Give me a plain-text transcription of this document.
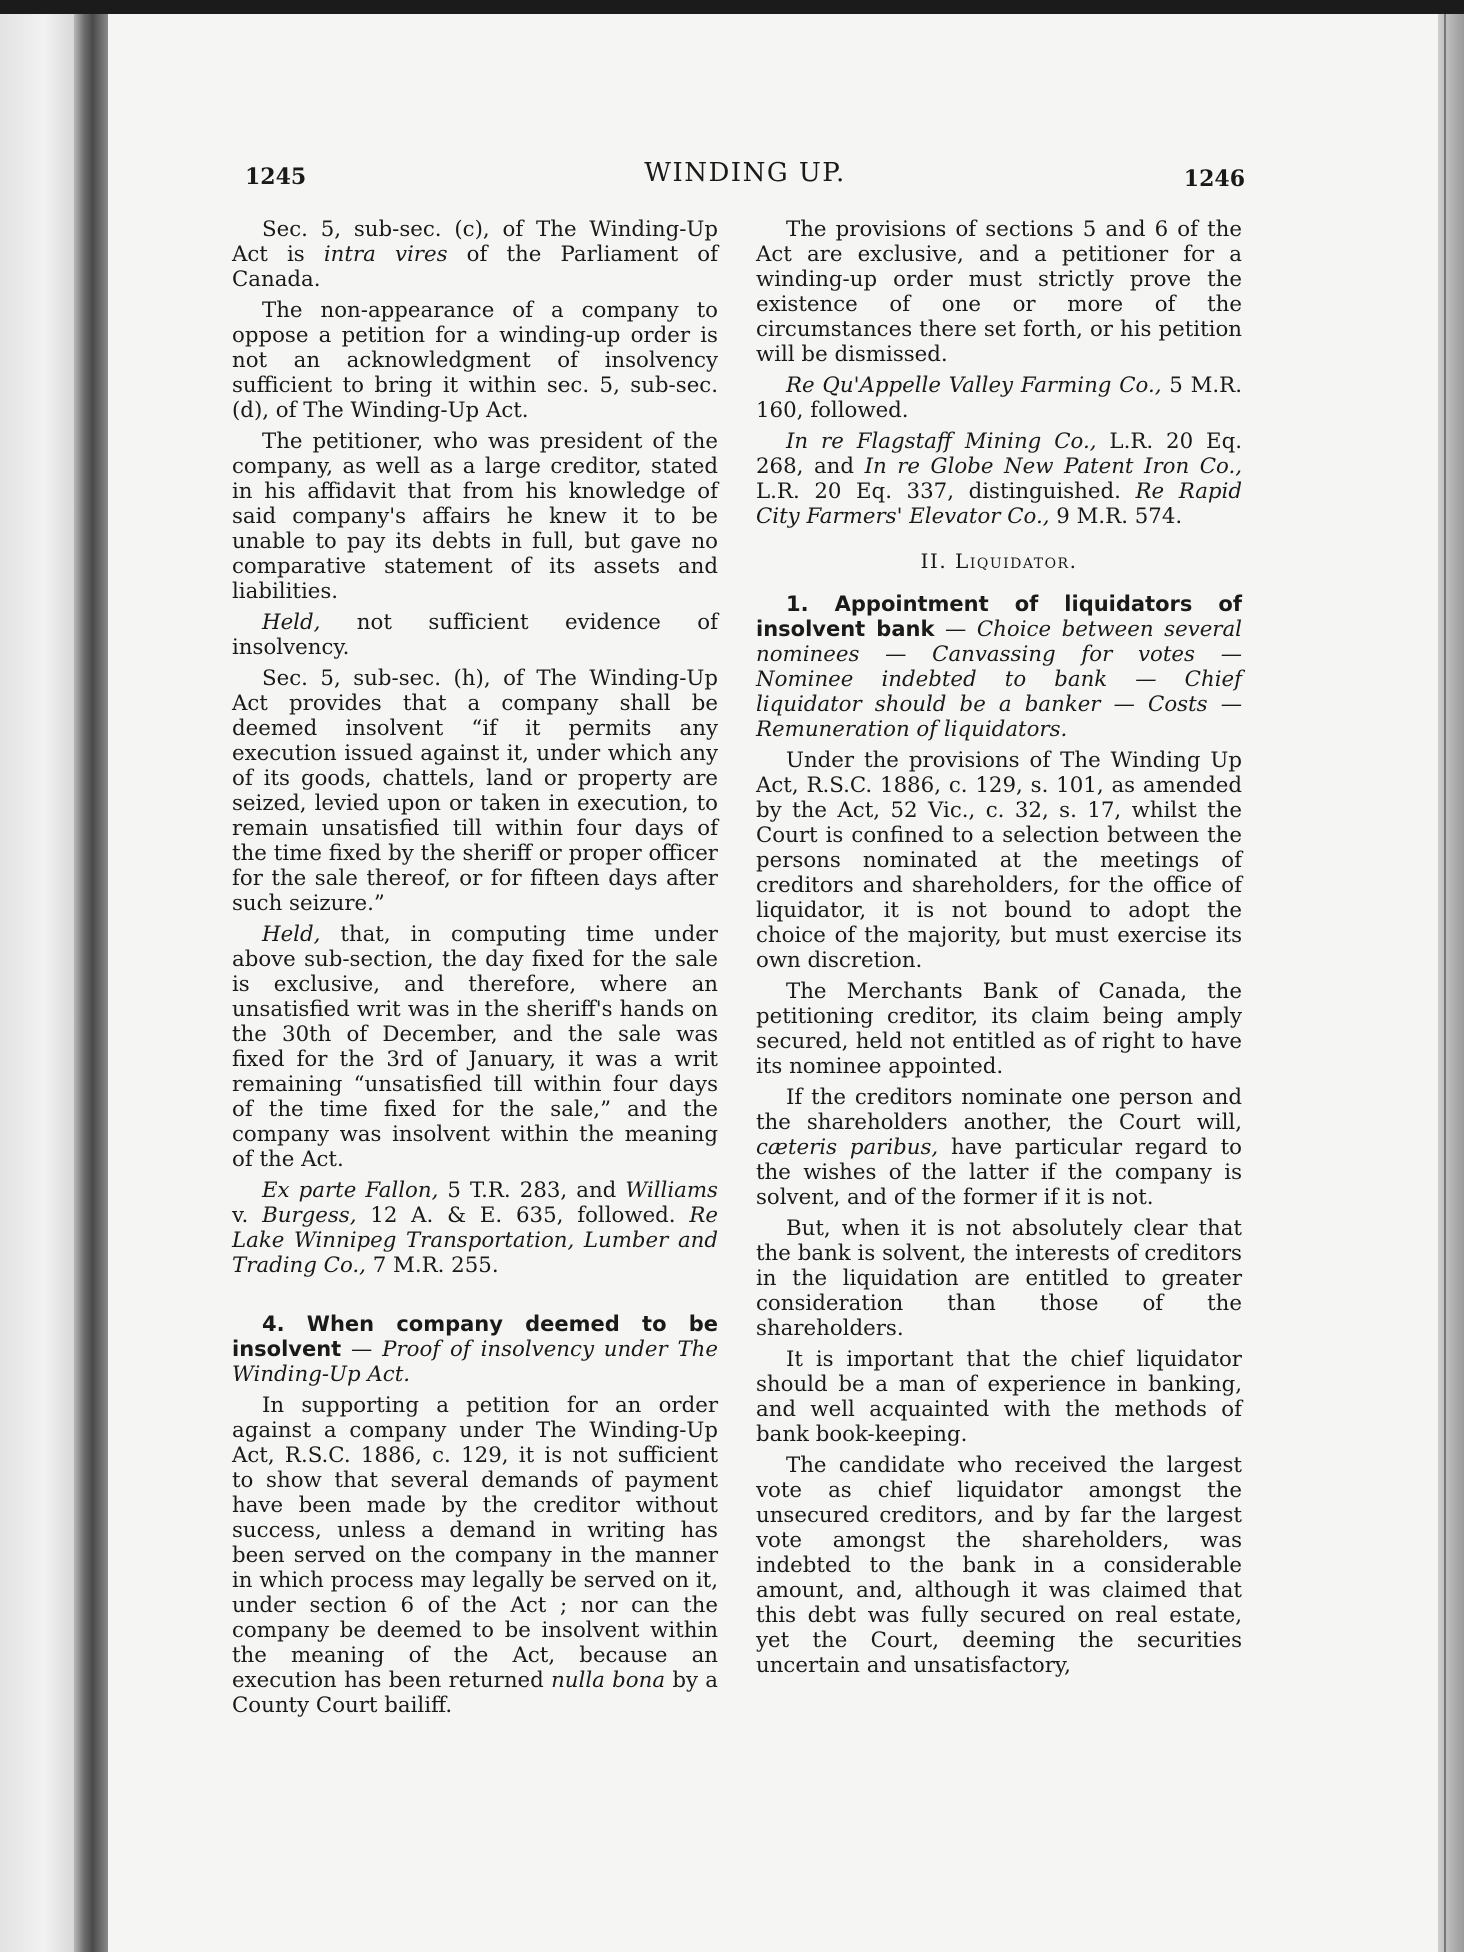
1245	WINDING UP.	1246

Sec. 5, sub-sec. (c), of The Winding-Up Act is intra vires of the Parliament of Canada.

The non-appearance of a company to oppose a petition for a winding-up order is not an acknowledgment of insolvency sufficient to bring it within sec. 5, sub-sec. (d), of The Winding-Up Act.

The petitioner, who was president of the company, as well as a large creditor, stated in his affidavit that from his knowledge of said company's affairs he knew it to be unable to pay its debts in full, but gave no comparative statement of its assets and liabilities.

Held, not sufficient evidence of insolvency.

Sec. 5, sub-sec. (h), of The Winding-Up Act provides that a company shall be deemed insolvent “if it permits any execution issued against it, under which any of its goods, chattels, land or property are seized, levied upon or taken in execution, to remain unsatisfied till within four days of the time fixed by the sheriff or proper officer for the sale thereof, or for fifteen days after such seizure.”

Held, that, in computing time under above sub-section, the day fixed for the sale is exclusive, and therefore, where an unsatisfied writ was in the sheriff's hands on the 30th of December, and the sale was fixed for the 3rd of January, it was a writ remaining “unsatisfied till within four days of the time fixed for the sale,” and the company was insolvent within the meaning of the Act.

Ex parte Fallon, 5 T.R. 283, and Williams v. Burgess, 12 A. & E. 635, followed. Re Lake Winnipeg Transportation, Lumber and Trading Co., 7 M.R. 255.

4. When company deemed to be insolvent — Proof of insolvency under The Winding-Up Act.

In supporting a petition for an order against a company under The Winding-Up Act, R.S.C. 1886, c. 129, it is not sufficient to show that several demands of payment have been made by the creditor without success, unless a demand in writing has been served on the company in the manner in which process may legally be served on it, under section 6 of the Act ; nor can the company be deemed to be insolvent within the meaning of the Act, because an execution has been returned nulla bona by a County Court bailiff.

The provisions of sections 5 and 6 of the Act are exclusive, and a petitioner for a winding-up order must strictly prove the existence of one or more of the circumstances there set forth, or his petition will be dismissed.

Re Qu'Appelle Valley Farming Co., 5 M.R. 160, followed.

In re Flagstaff Mining Co., L.R. 20 Eq. 268, and In re Globe New Patent Iron Co., L.R. 20 Eq. 337, distinguished. Re Rapid City Farmers' Elevator Co., 9 M.R. 574.

II. Liquidator.
1. Appointment of liquidators of insolvent bank — Choice between several nominees — Canvassing for votes — Nominee indebted to bank — Chief liquidator should be a banker — Costs — Remuneration of liquidators.

Under the provisions of The Winding Up Act, R.S.C. 1886, c. 129, s. 101, as amended by the Act, 52 Vic., c. 32, s. 17, whilst the Court is confined to a selection between the persons nominated at the meetings of creditors and shareholders, for the office of liquidator, it is not bound to adopt the choice of the majority, but must exercise its own discretion.

The Merchants Bank of Canada, the petitioning creditor, its claim being amply secured, held not entitled as of right to have its nominee appointed.

If the creditors nominate one person and the shareholders another, the Court will, cæteris paribus, have particular regard to the wishes of the latter if the company is solvent, and of the former if it is not.

But, when it is not absolutely clear that the bank is solvent, the interests of creditors in the liquidation are entitled to greater consideration than those of the shareholders.

It is important that the chief liquidator should be a man of experience in banking, and well acquainted with the methods of bank book-keeping.

The candidate who received the largest vote as chief liquidator amongst the unsecured creditors, and by far the largest vote amongst the shareholders, was indebted to the bank in a considerable amount, and, although it was claimed that this debt was fully secured on real estate, yet the Court, deeming the securities uncertain and unsatisfactory,
